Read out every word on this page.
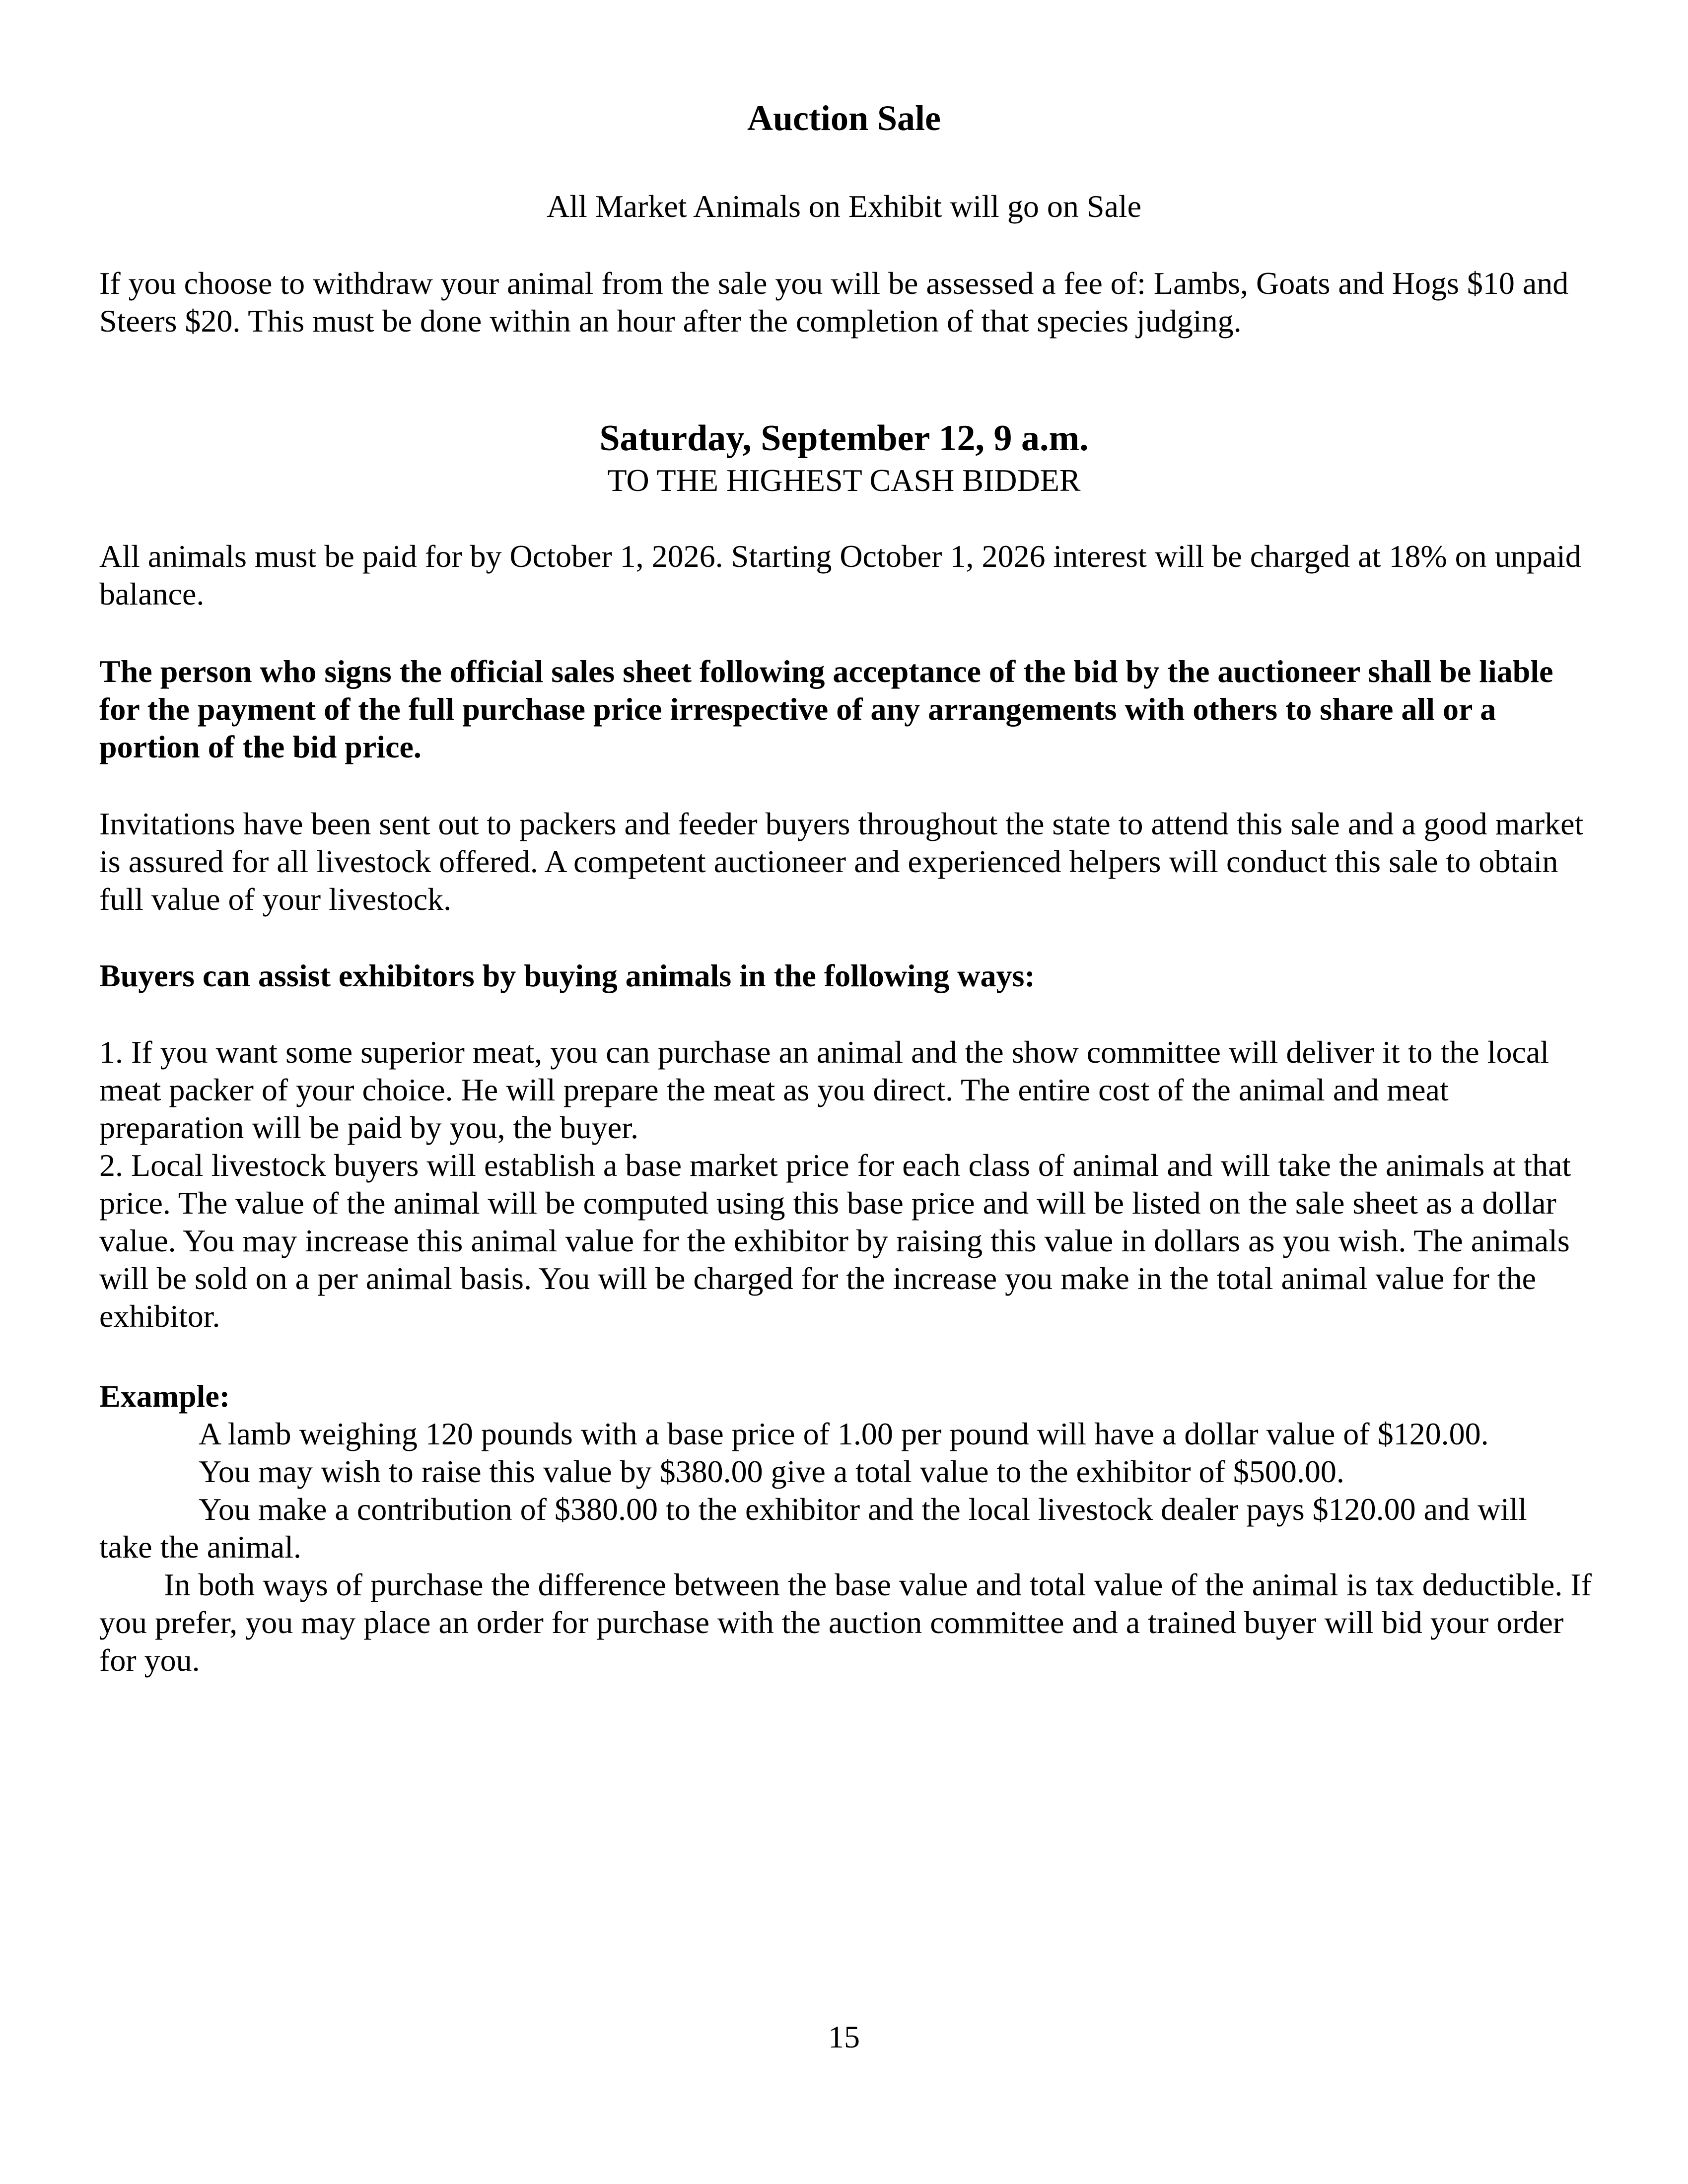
Auction Sale

All Market Animals on Exhibit will go on Sale

If you choose to withdraw your animal from the sale you will be assessed a fee of: Lambs, Goats and Hogs $10 and Steers $20. This must be done within an hour after the completion of that species judging.

Saturday, September 12, 9 a.m.

TO THE HIGHEST CASH BIDDER

All animals must be paid for by October 1, 2026. Starting October 1, 2026 interest will be charged at 18% on unpaid balance.

The person who signs the official sales sheet following acceptance of the bid by the auctioneer shall be liable for the payment of the full purchase price irrespective of any arrangements with others to share all or a portion of the bid price.

Invitations have been sent out to packers and feeder buyers throughout the state to attend this sale and a good market is assured for all livestock offered. A competent auctioneer and experienced helpers will conduct this sale to obtain full value of your livestock.

Buyers can assist exhibitors by buying animals in the following ways:

1. If you want some superior meat, you can purchase an animal and the show committee will deliver it to the local meat packer of your choice. He will prepare the meat as you direct. The entire cost of the animal and meat preparation will be paid by you, the buyer.
2. Local livestock buyers will establish a base market price for each class of animal and will take the animals at that price. The value of the animal will be computed using this base price and will be listed on the sale sheet as a dollar value. You may increase this animal value for the exhibitor by raising this value in dollars as you wish. The animals will be sold on a per animal basis. You will be charged for the increase you make in the total animal value for the exhibitor.

Example:

A lamb weighing 120 pounds with a base price of 1.00 per pound will have a dollar value of $120.00.

You may wish to raise this value by $380.00 give a total value to the exhibitor of $500.00.

You make a contribution of $380.00 to the exhibitor and the local livestock dealer pays $120.00 and will

take the animal.

In both ways of purchase the difference between the base value and total value of the animal is tax deductible. If you prefer, you may place an order for purchase with the auction committee and a trained buyer will bid your order for you.

15
